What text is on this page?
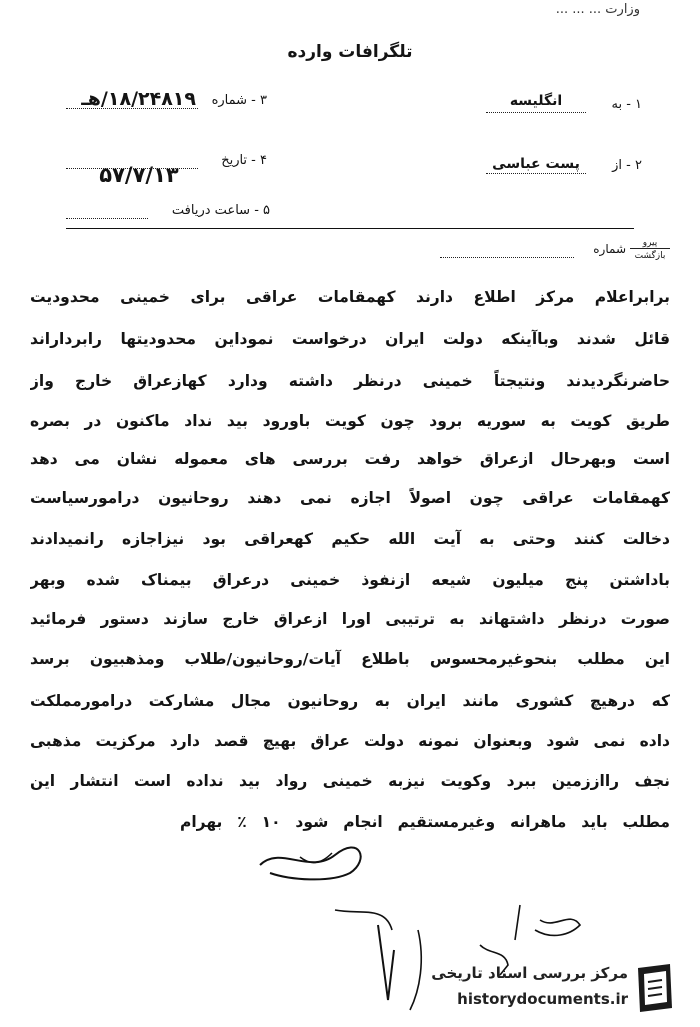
وزارت ... ... ...
تلگرافات وارده
۳ - شماره
۱۸/۲۴۸۱۹/هـ
۴ - تاریخ
۵۷/۷/۱۳
۵ - ساعت دریافت
۱ - به
انگلیسه
۲ - از
پست عباسی
پیرو
بازگشت
شماره
برابراعلام مرکز اطلاع دارند کهمقامات عراقی برای خمینی محدودیت
قائل شدند وباآینکه دولت ایران درخواست نموداین محدودیتها رابرداراند
حاضرنگردیدند ونتیجتاً خمینی درنظر داشته ودارد کهازعراق خارج واز
طریق کویت به سوریه برود چون کویت باورود بید نداد ماکنون در بصره
است وبهرحال ازعراق خواهد رفت بررسی های معموله نشان می دهد
کهمقامات عراقی چون اصولاً اجازه نمی دهند روحانیون درامورسیاست
دخالت کنند وحتی به آیت الله حکیم کهعراقی بود نیزاجازه رانمیدادند
باداشتن پنج میلیون شیعه ازنفوذ خمینی درعراق بیمناک شده وبهر
صورت درنظر داشتهاند به ترتیبی اورا ازعراق خارج سازند دستور فرمائید
این مطلب بنحوغیرمحسوس باطلاع آیات/روحانیون/طلاب ومذهبیون برسد
که درهیچ کشوری مانند ایران به روحانیون مجال مشارکت درامورمملکت
داده نمی شود وبعنوان نمونه دولت عراق بهیچ قصد دارد مرکزیت مذهبی
نجف رااززمین ببرد وکویت نیزبه خمینی رواد بید نداده است انتشار این
مطلب باید ماهرانه وغیرمستقیم انجام شود ۱۰ ٪ بهرام
مرکز بررسی اسناد تاریخی
historydocuments.ir
